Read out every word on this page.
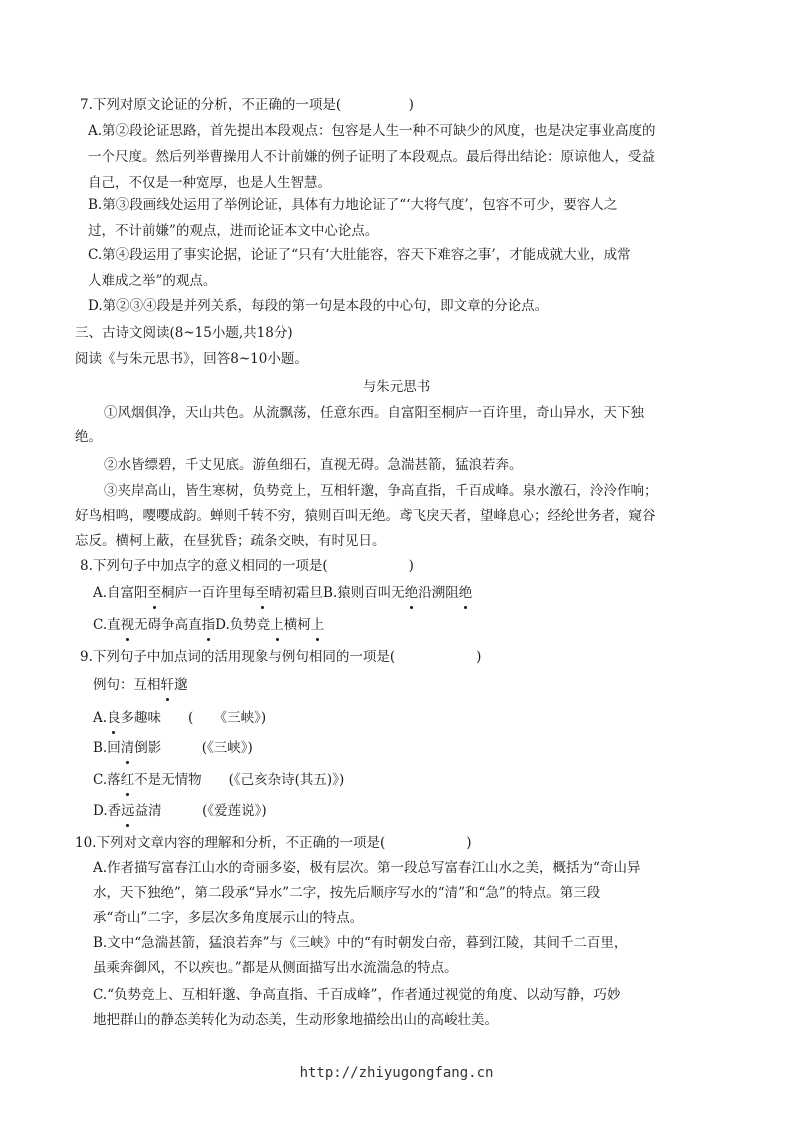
7.下列对原文论证的分析，不正确的一项是(　　　　　)
A.第②段论证思路，首先提出本段观点：包容是人生一种不可缺少的风度，也是决定事业高度的
一个尺度。然后列举曹操用人不计前嫌的例子证明了本段观点。最后得出结论：原谅他人，受益
自己，不仅是一种宽厚，也是人生智慧。
B.第③段画线处运用了举例论证，具体有力地论证了“‘大将气度’，包容不可少，要容人之
过，不计前嫌”的观点，进而论证本文中心论点。
C.第④段运用了事实论据，论证了“只有‘大肚能容，容天下难容之事’，才能成就大业，成常
人难成之举”的观点。
D.第②③④段是并列关系，每段的第一句是本段的中心句，即文章的分论点。
三、古诗文阅读(8~15小题,共18分)
阅读《与朱元思书》，回答8~10小题。
与朱元思书
①风烟俱净，天山共色。从流飘荡，任意东西。自富阳至桐庐一百许里，奇山异水，天下独
绝。
②水皆缥碧，千丈见底。游鱼细石，直视无碍。急湍甚箭，猛浪若奔。
③夹岸高山，皆生寒树，负势竞上，互相轩邈，争高直指，千百成峰。泉水激石，泠泠作响；
好鸟相鸣，嘤嘤成韵。蝉则千转不穷，猿则百叫无绝。鸢飞戾天者，望峰息心；经纶世务者，窥谷
忘反。横柯上蔽，在昼犹昏；疏条交映，有时见日。
8.下列句子中加点字的意义相同的一项是(　　　　　　)
A.自富阳至桐庐一百许里每至晴初霜旦B.猿则百叫无绝沿溯阻绝
C.直视无碍争高直指D.负势竞上横柯上
9.下列句子中加点词的活用现象与例句相同的一项是(　　　　　　)
例句：互相轩邈
A.良多趣味　　(　　《三峡》)
B.回清倒影　　　(《三峡》)
C.落红不是无情物　　(《己亥杂诗(其五)》)
D.香远益清　　　(《爱莲说》)
10.下列对文章内容的理解和分析，不正确的一项是(　　　　　　)
A.作者描写富春江山水的奇丽多姿，极有层次。第一段总写富春江山水之美，概括为“奇山异
水，天下独绝”，第二段承“异水”二字，按先后顺序写水的“清”和“急”的特点。第三段
承“奇山”二字，多层次多角度展示山的特点。
B.文中“急湍甚箭，猛浪若奔”与《三峡》中的“有时朝发白帝，暮到江陵，其间千二百里，
虽乘奔御风，不以疾也。”都是从侧面描写出水流湍急的特点。
C.“负势竞上、互相轩邈、争高直指、千百成峰”，作者通过视觉的角度、以动写静，巧妙
地把群山的静态美转化为动态美，生动形象地描绘出山的高峻壮美。
http://zhiyugongfang.cn
